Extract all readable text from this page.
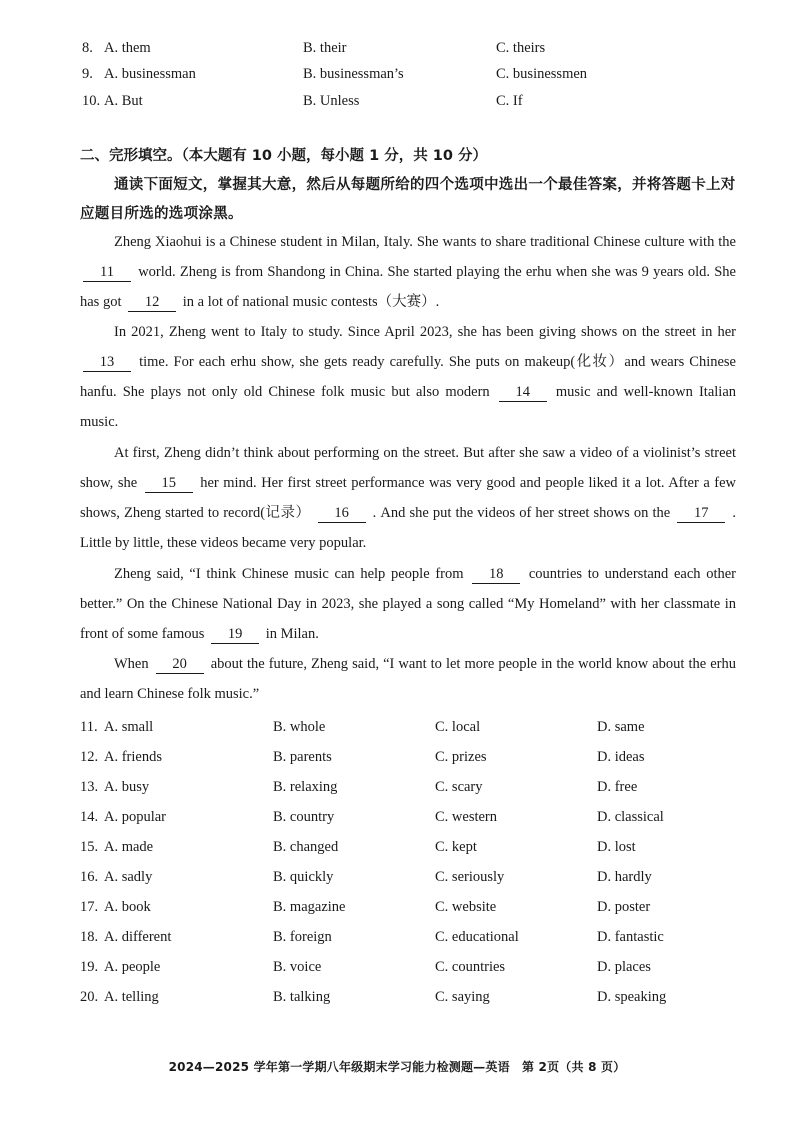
8. A. them	B. their	C. theirs
9. A. businessman	B. businessman’s	C. businessmen
10. A. But	B. Unless	C. If
二、完形填空。（本大题有 10 小题，每小题 1 分，共 10 分）
通读下面短文，掌握其大意，然后从每题所给的四个选项中选出一个最佳答案，并将答题卡上对应题目所选的选项涂黑。
Zheng Xiaohui is a Chinese student in Milan, Italy. She wants to share traditional Chinese culture with the 11 world. Zheng is from Shandong in China. She started playing the erhu when she was 9 years old. She has got 12 in a lot of national music contests（大赛）.
In 2021, Zheng went to Italy to study. Since April 2023, she has been giving shows on the street in her 13 time. For each erhu show, she gets ready carefully. She puts on makeup(化妆）and wears Chinese hanfu. She plays not only old Chinese folk music but also modern 14 music and well-known Italian music.
At first, Zheng didn’t think about performing on the street. But after she saw a video of a violinist’s street show, she 15 her mind. Her first street performance was very good and people liked it a lot. After a few shows, Zheng started to record(记录） 16 . And she put the videos of her street shows on the 17 . Little by little, these videos became very popular.
Zheng said, “I think Chinese music can help people from 18 countries to understand each other better.” On the Chinese National Day in 2023, she played a song called “My Homeland” with her classmate in front of some famous 19 in Milan.
When 20 about the future, Zheng said, “I want to let more people in the world know about the erhu and learn Chinese folk music.”
11. A. small	B. whole	C. local	D. same
12. A. friends	B. parents	C. prizes	D. ideas
13. A. busy	B. relaxing	C. scary	D. free
14. A. popular	B. country	C. western	D. classical
15. A. made	B. changed	C. kept	D. lost
16. A. sadly	B. quickly	C. seriously	D. hardly
17. A. book	B. magazine	C. website	D. poster
18. A. different	B. foreign	C. educational	D. fantastic
19. A. people	B. voice	C. countries	D. places
20. A. telling	B. talking	C. saying	D. speaking
2024—2025 学年第一学期八年级期末学习能力检测题—英语　第 2页（共 8 页）
